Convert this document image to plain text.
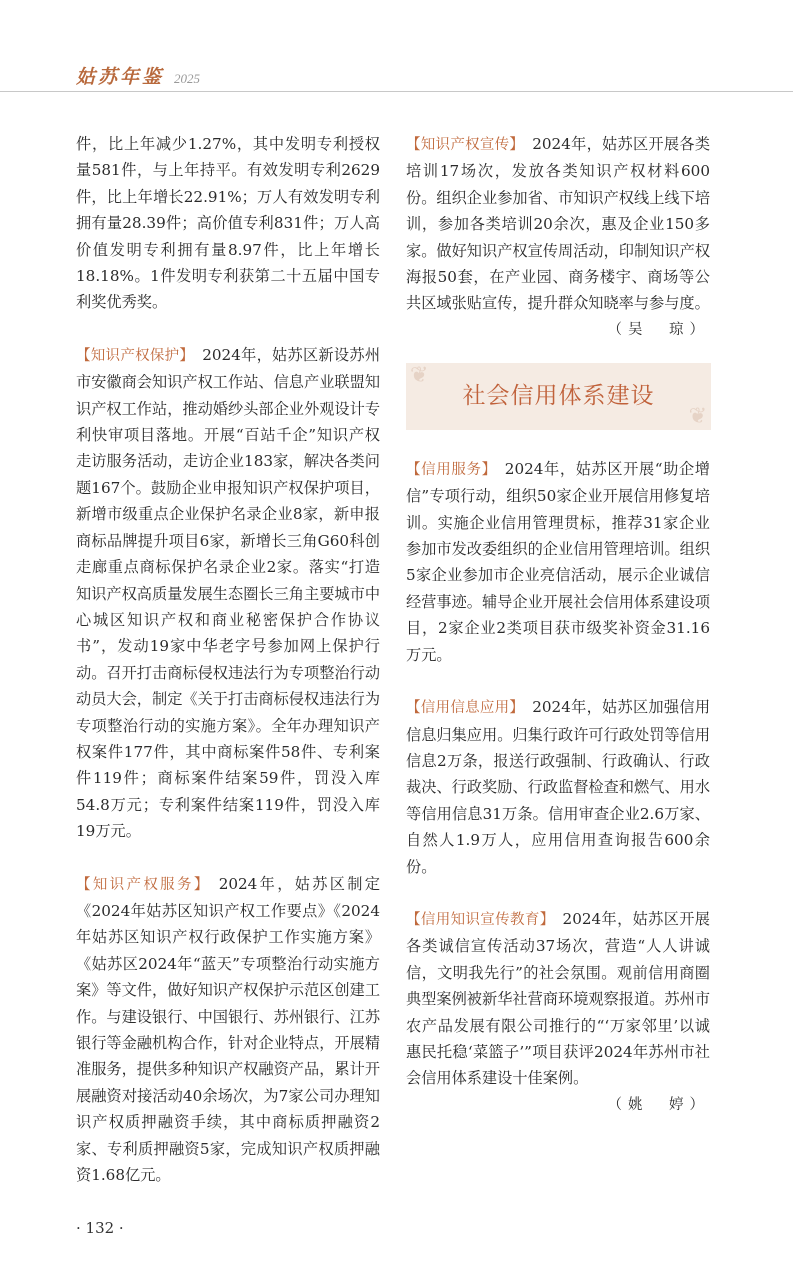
姑苏年鉴 2025

件，比上年减少1.27%，其中发明专利授权量581件，与上年持平。有效发明专利2629件，比上年增长22.91%；万人有效发明专利拥有量28.39件；高价值专利831件；万人高价值发明专利拥有量8.97件，比上年增长18.18%。1件发明专利获第二十五届中国专利奖优秀奖。

【知识产权保护】 2024年，姑苏区新设苏州市安徽商会知识产权工作站、信息产业联盟知识产权工作站，推动婚纱头部企业外观设计专利快审项目落地。开展“百站千企”知识产权走访服务活动，走访企业183家，解决各类问题167个。鼓励企业申报知识产权保护项目，新增市级重点企业保护名录企业8家，新申报商标品牌提升项目6家，新增长三角G60科创走廊重点商标保护名录企业2家。落实“打造知识产权高质量发展生态圈长三角主要城市中心城区知识产权和商业秘密保护合作协议书”，发动19家中华老字号参加网上保护行动。召开打击商标侵权违法行为专项整治行动动员大会，制定《关于打击商标侵权违法行为专项整治行动的实施方案》。全年办理知识产权案件177件，其中商标案件58件、专利案件119件；商标案件结案59件，罚没入库54.8万元；专利案件结案119件，罚没入库19万元。

【知识产权服务】 2024年，姑苏区制定《2024年姑苏区知识产权工作要点》《2024年姑苏区知识产权行政保护工作实施方案》《姑苏区2024年“蓝天”专项整治行动实施方案》等文件，做好知识产权保护示范区创建工作。与建设银行、中国银行、苏州银行、江苏银行等金融机构合作，针对企业特点，开展精准服务，提供多种知识产权融资产品，累计开展融资对接活动40余场次，为7家公司办理知识产权质押融资手续，其中商标质押融资2家、专利质押融资5家，完成知识产权质押融资1.68亿元。

· 132 ·

【知识产权宣传】 2024年，姑苏区开展各类培训17场次，发放各类知识产权材料600份。组织企业参加省、市知识产权线上线下培训，参加各类培训20余次，惠及企业150多家。做好知识产权宣传周活动，印制知识产权海报50套，在产业园、商务楼宇、商场等公共区域张贴宣传，提升群众知晓率与参与度。

（吴　琼）

❦
❦
社会信用体系建设

【信用服务】 2024年，姑苏区开展“助企增信”专项行动，组织50家企业开展信用修复培训。实施企业信用管理贯标，推荐31家企业参加市发改委组织的企业信用管理培训。组织5家企业参加市企业亮信活动，展示企业诚信经营事迹。辅导企业开展社会信用体系建设项目，2家企业2类项目获市级奖补资金31.16万元。

【信用信息应用】 2024年，姑苏区加强信用信息归集应用。归集行政许可行政处罚等信用信息2万条，报送行政强制、行政确认、行政裁决、行政奖励、行政监督检查和燃气、用水等信用信息31万条。信用审查企业2.6万家、自然人1.9万人，应用信用查询报告600余份。

【信用知识宣传教育】 2024年，姑苏区开展各类诚信宣传活动37场次，营造“人人讲诚信，文明我先行”的社会氛围。观前信用商圈典型案例被新华社营商环境观察报道。苏州市农产品发展有限公司推行的“‘万家邻里’以诚惠民托稳‘菜篮子’”项目获评2024年苏州市社会信用体系建设十佳案例。

（姚　婷）
